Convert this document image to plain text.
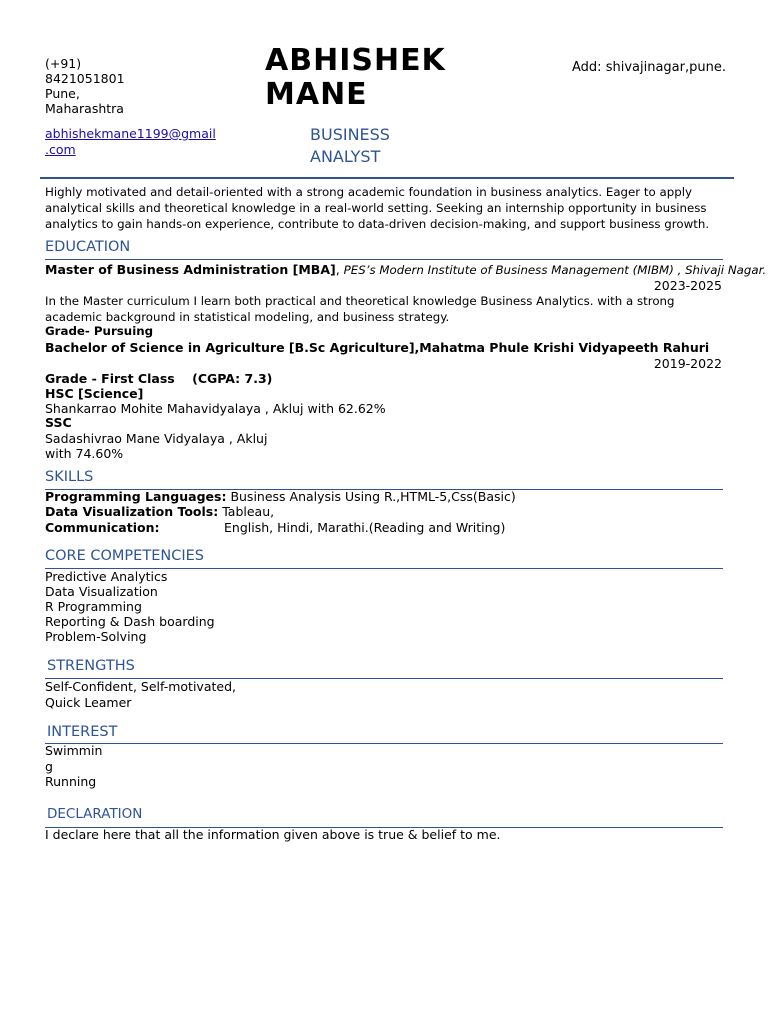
(+91)
8421051801
Pune,
Maharashtra
abhishekmane1199@gmail
.com
ABHISHEK
MANE
BUSINESS
ANALYST
Add: shivajinagar,pune.
Highly motivated and detail-oriented with a strong academic foundation in business analytics. Eager to apply analytical skills and theoretical knowledge in a real-world setting. Seeking an internship opportunity in business analytics to gain hands-on experience, contribute to data-driven decision-making, and support business growth.
EDUCATION
Master of Business Administration [MBA], PES’s Modern Institute of Business Management (MIBM) , Shivaji Nagar.
2023-2025
In the Master curriculum I learn both practical and theoretical knowledge Business Analytics. with a strong academic background in statistical modeling, and business strategy.
Grade- Pursuing
Bachelor of Science in Agriculture [B.Sc Agriculture],Mahatma Phule Krishi Vidyapeeth Rahuri
2019-2022
Grade - First Class    (CGPA: 7.3)
HSC [Science]
Shankarrao Mohite Mahavidyalaya , Akluj with 62.62%
SSC
Sadashivrao Mane Vidyalaya , Akluj
with 74.60%
SKILLS
Programming Languages: Business Analysis Using R.,HTML-5,Css(Basic)
Data Visualization Tools: Tableau,
Communication:	English, Hindi, Marathi.(Reading and Writing)
CORE COMPETENCIES
Predictive Analytics
Data Visualization
R Programming
Reporting & Dash boarding
Problem-Solving
STRENGTHS
Self-Confident, Self-motivated,
Quick Leamer
INTEREST
Swimmin
g
Running
DECLARATION
I declare here that all the information given above is true & belief to me.
